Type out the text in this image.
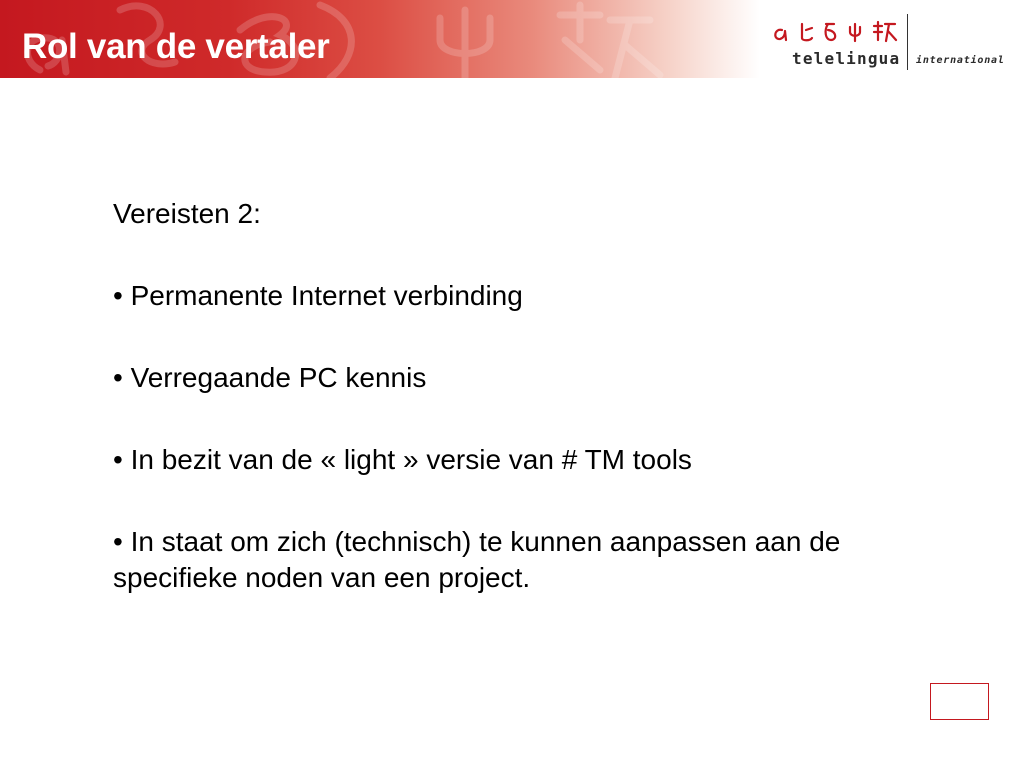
Rol van de vertaler	telelingua international

Vereisten 2:

• Permanente Internet verbinding

• Verregaande PC kennis

• In bezit van de « light » versie van # TM tools

• In staat om zich (technisch) te kunnen aanpassen aan de specifieke noden van een project.
